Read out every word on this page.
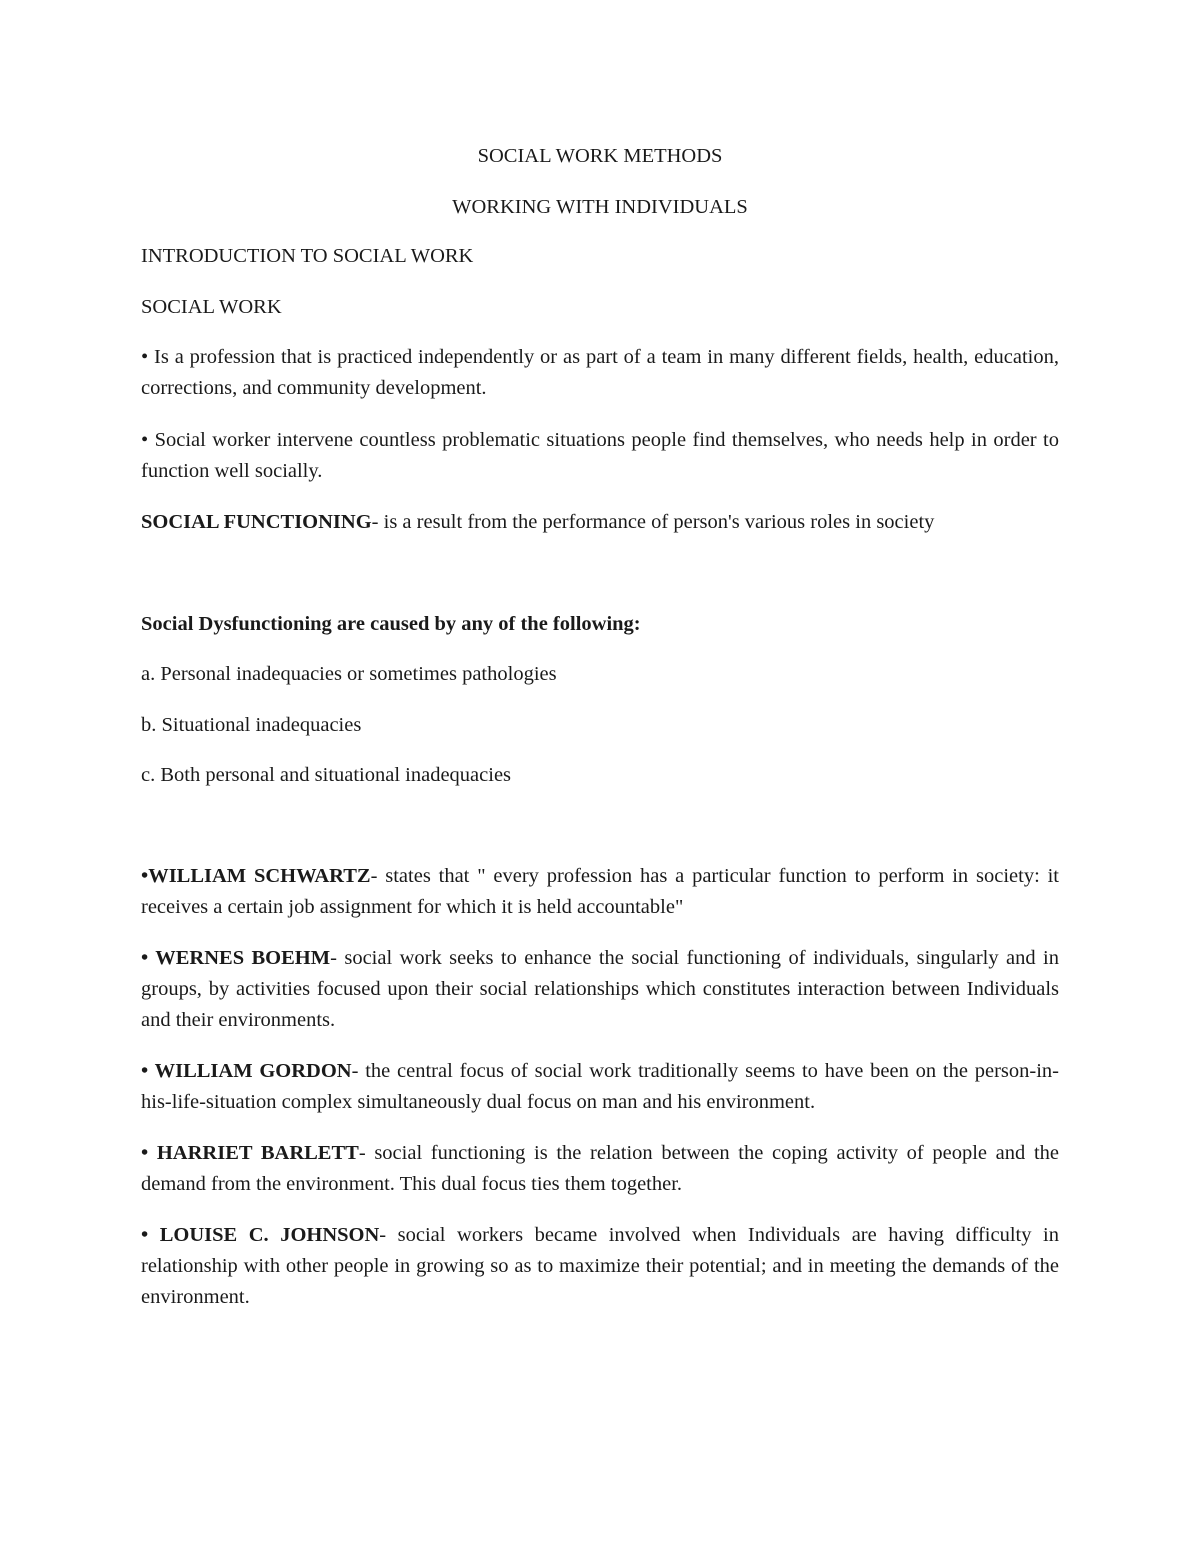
SOCIAL WORK METHODS

WORKING WITH INDIVIDUALS

INTRODUCTION TO SOCIAL WORK

SOCIAL WORK

• Is a profession that is practiced independently or as part of a team in many different fields, health, education, corrections, and community development.

• Social worker intervene countless problematic situations people find themselves, who needs help in order to function well socially.

SOCIAL FUNCTIONING- is a result from the performance of person's various roles in society

Social Dysfunctioning are caused by any of the following:

a. Personal inadequacies or sometimes pathologies

b. Situational inadequacies

c. Both personal and situational inadequacies

•WILLIAM SCHWARTZ- states that " every profession has a particular function to perform in society: it receives a certain job assignment for which it is held accountable"

• WERNES BOEHM- social work seeks to enhance the social functioning of individuals, singularly and in groups, by activities focused upon their social relationships which constitutes interaction between Individuals and their environments.

• WILLIAM GORDON- the central focus of social work traditionally seems to have been on the person-in-his-life-situation complex simultaneously dual focus on man and his environment.

• HARRIET BARLETT- social functioning is the relation between the coping activity of people and the demand from the environment. This dual focus ties them together.

• LOUISE C. JOHNSON- social workers became involved when Individuals are having difficulty in relationship with other people in growing so as to maximize their potential; and in meeting the demands of the environment.
